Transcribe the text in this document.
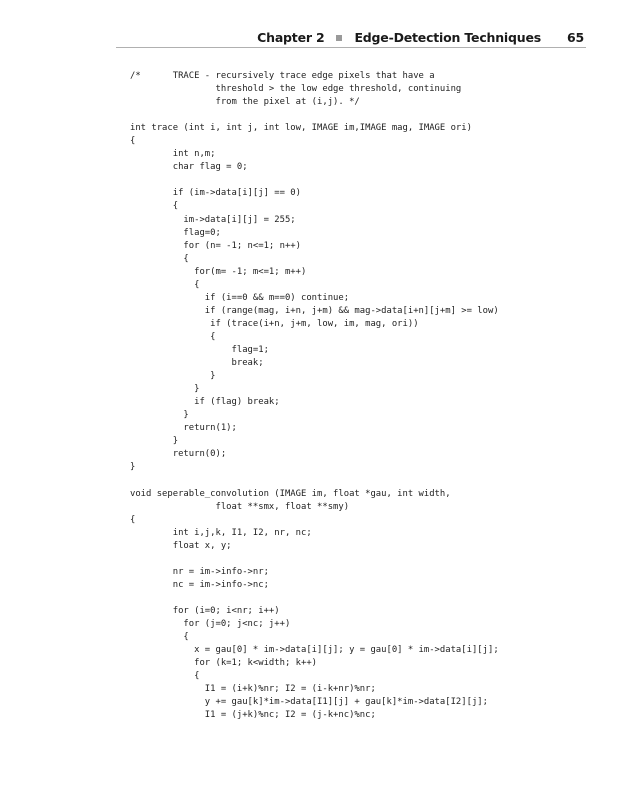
Chapter 2 Edge-Detection Techniques 65
/*      TRACE - recursively trace edge pixels that have a
threshold > the low edge threshold, continuing
from the pixel at (i,j). */
int trace (int i, int j, int low, IMAGE im,IMAGE mag, IMAGE ori)
{
int n,m;
char flag = 0;
if (im->data[i][j] == 0)
{
im->data[i][j] = 255;
flag=0;
for (n= -1; n<=1; n++)
{
for(m= -1; m<=1; m++)
{
if (i==0 && m==0) continue;
if (range(mag, i+n, j+m) && mag->data[i+n][j+m] >= low)
if (trace(i+n, j+m, low, im, mag, ori))
{
flag=1;
break;
}
}
if (flag) break;
}
return(1);
}
return(0);
}
void seperable_convolution (IMAGE im, float *gau, int width,
float **smx, float **smy)
{
int i,j,k, I1, I2, nr, nc;
float x, y;
nr = im->info->nr;
nc = im->info->nc;
for (i=0; i<nr; i++)
for (j=0; j<nc; j++)
{
x = gau[0] * im->data[i][j]; y = gau[0] * im->data[i][j];
for (k=1; k<width; k++)
{
I1 = (i+k)%nr; I2 = (i-k+nr)%nr;
y += gau[k]*im->data[I1][j] + gau[k]*im->data[I2][j];
I1 = (j+k)%nc; I2 = (j-k+nc)%nc;
